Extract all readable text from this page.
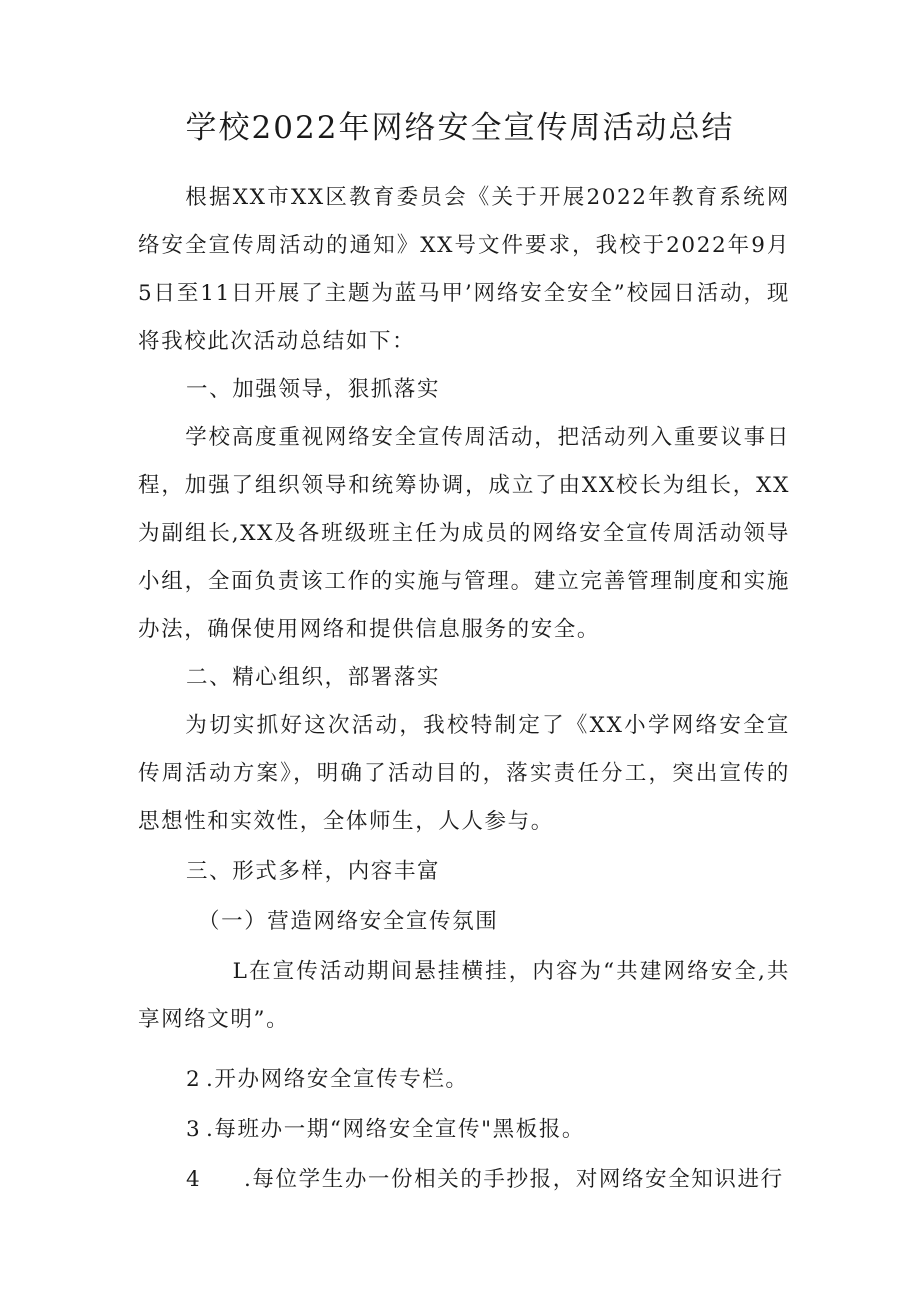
学校2022年网络安全宣传周活动总结

根据XX市XX区教育委员会《关于开展2022年教育系统网络安全宣传周活动的通知》XX号文件要求，我校于2022年9月5日至11日开展了主题为蓝马甲’网络安全安全”校园日活动，现将我校此次活动总结如下：

一、加强领导，狠抓落实

学校高度重视网络安全宣传周活动，把活动列入重要议事日程，加强了组织领导和统筹协调，成立了由XX校长为组长，XX为副组长,XX及各班级班主任为成员的网络安全宣传周活动领导小组，全面负责该工作的实施与管理。建立完善管理制度和实施办法，确保使用网络和提供信息服务的安全。

二、精心组织，部署落实

为切实抓好这次活动，我校特制定了《XX小学网络安全宣传周活动方案》，明确了活动目的，落实责任分工，突出宣传的思想性和实效性，全体师生，人人参与。

三、形式多样，内容丰富

（一）营造网络安全宣传氛围

L在宣传活动期间悬挂横挂，内容为“共建网络安全,共享网络文明”。

2 .开办网络安全宣传专栏。

3 .每班办一期“网络安全宣传"黑板报。

4 .每位学生办一份相关的手抄报，对网络安全知识进行
